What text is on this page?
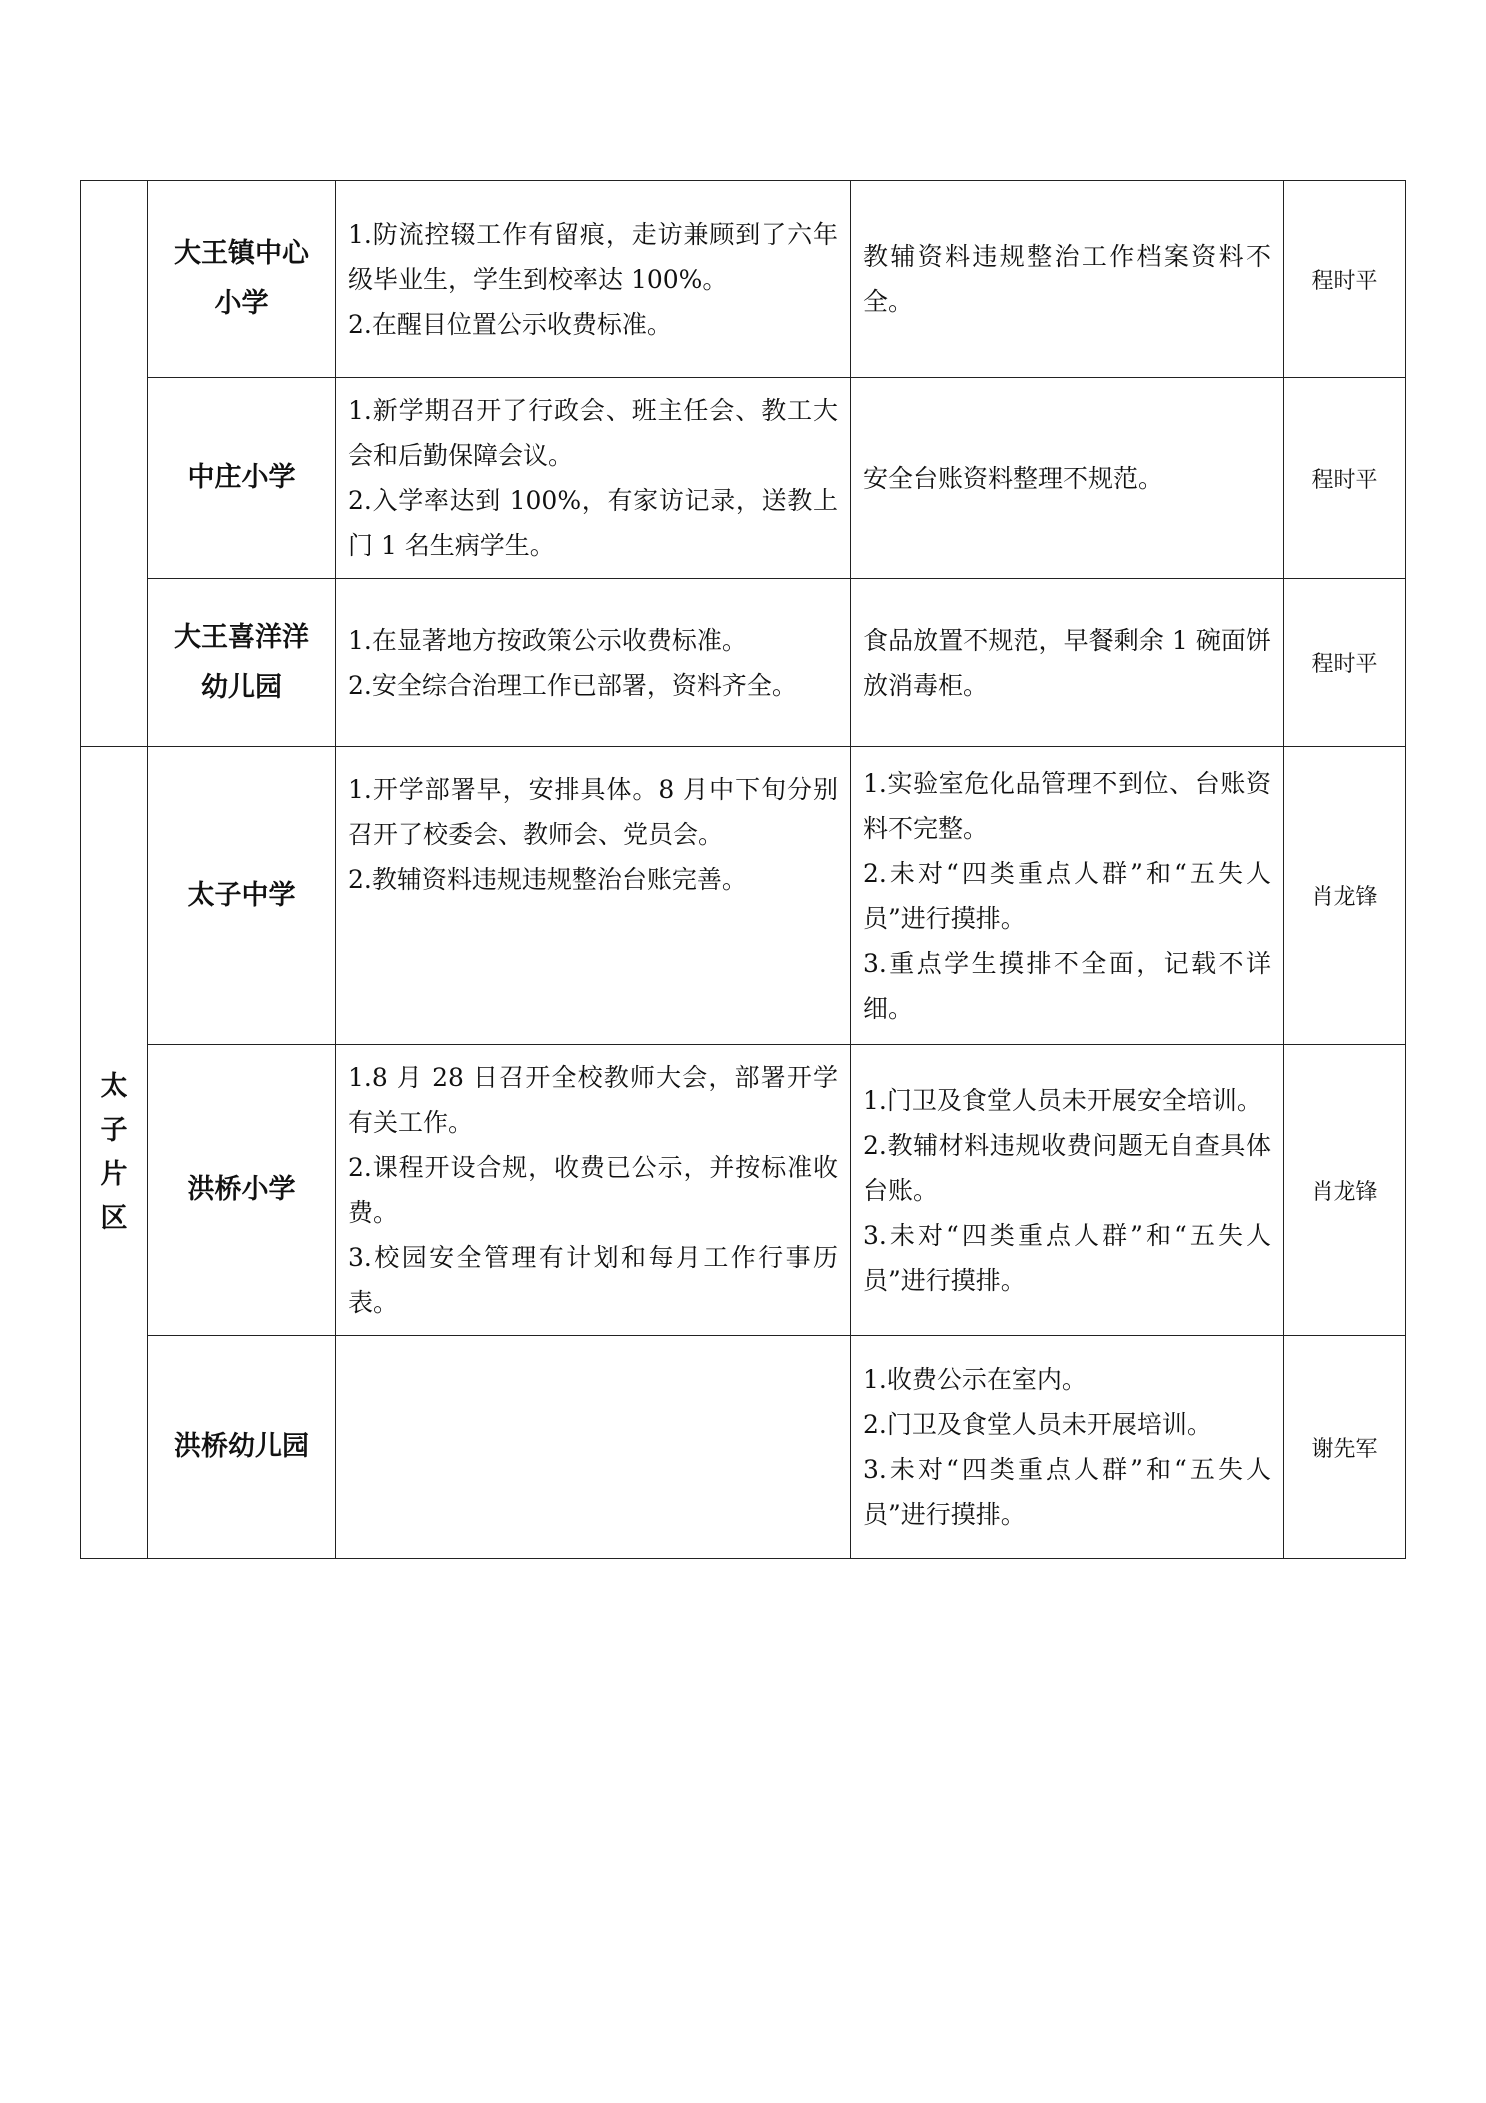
	大王镇中心
小学	1.防流控辍工作有留痕，走访兼顾到了六年级毕业生，学生到校率达 100%。
2.在醒目位置公示收费标准。	教辅资料违规整治工作档案资料不全。	程时平

	中庄小学	1.新学期召开了行政会、班主任会、教工大会和后勤保障会议。
2.入学率达到 100%，有家访记录，送教上门 1 名生病学生。	安全台账资料整理不规范。	程时平

	大王喜洋洋
幼儿园	1.在显著地方按政策公示收费标准。
2.安全综合治理工作已部署，资料齐全。	食品放置不规范，早餐剩余 1 碗面饼放消毒柜。	程时平

太
子
片
区	太子中学	1.开学部署早，安排具体。8 月中下旬分别召开了校委会、教师会、党员会。
2.教辅资料违规违规整治台账完善。	1.实验室危化品管理不到位、台账资料不完整。
2.未对“四类重点人群”和“五失人员”进行摸排。
3.重点学生摸排不全面，记载不详细。	肖龙锋

	洪桥小学	1.8 月 28 日召开全校教师大会，部署开学有关工作。
2.课程开设合规，收费已公示，并按标准收费。
3.校园安全管理有计划和每月工作行事历表。	1.门卫及食堂人员未开展安全培训。
2.教辅材料违规收费问题无自查具体台账。
3.未对“四类重点人群”和“五失人员”进行摸排。	肖龙锋

	洪桥幼儿园		1.收费公示在室内。
2.门卫及食堂人员未开展培训。
3.未对“四类重点人群”和“五失人员”进行摸排。	谢先军
